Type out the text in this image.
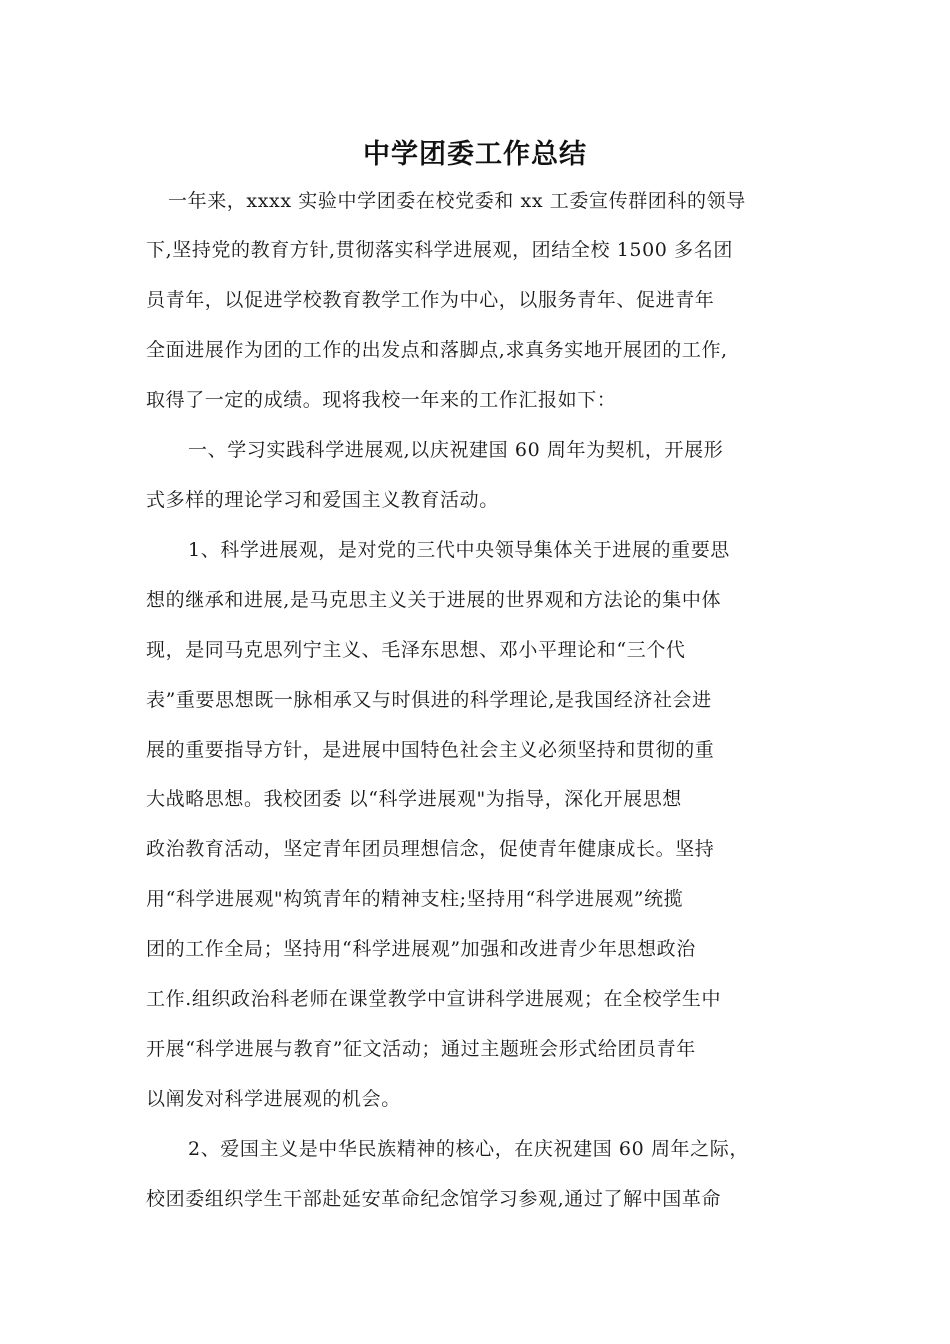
中学团委工作总结
一年来，xxxx 实验中学团委在校党委和 xx 工委宣传群团科的领导
下,坚持党的教育方针,贯彻落实科学进展观，团结全校 1500 多名团
员青年，以促进学校教育教学工作为中心，以服务青年、促进青年
全面进展作为团的工作的出发点和落脚点,求真务实地开展团的工作,
取得了一定的成绩。现将我校一年来的工作汇报如下：
一、学习实践科学进展观,以庆祝建国 60 周年为契机，开展形
式多样的理论学习和爱国主义教育活动。
1、科学进展观，是对党的三代中央领导集体关于进展的重要思
想的继承和进展,是马克思主义关于进展的世界观和方法论的集中体
现，是同马克思列宁主义、毛泽东思想、邓小平理论和“三个代
表”重要思想既一脉相承又与时俱进的科学理论,是我国经济社会进
展的重要指导方针，是进展中国特色社会主义必须坚持和贯彻的重
大战略思想。我校团委 以“科学进展观"为指导，深化开展思想
政治教育活动，坚定青年团员理想信念，促使青年健康成长。坚持
用“科学进展观"构筑青年的精神支柱;坚持用“科学进展观”统揽
团的工作全局；坚持用“科学进展观”加强和改进青少年思想政治
工作.组织政治科老师在课堂教学中宣讲科学进展观；在全校学生中
开展“科学进展与教育”征文活动；通过主题班会形式给团员青年
以阐发对科学进展观的机会。
2、爱国主义是中华民族精神的核心，在庆祝建国 60 周年之际，
校团委组织学生干部赴延安革命纪念馆学习参观,通过了解中国革命
